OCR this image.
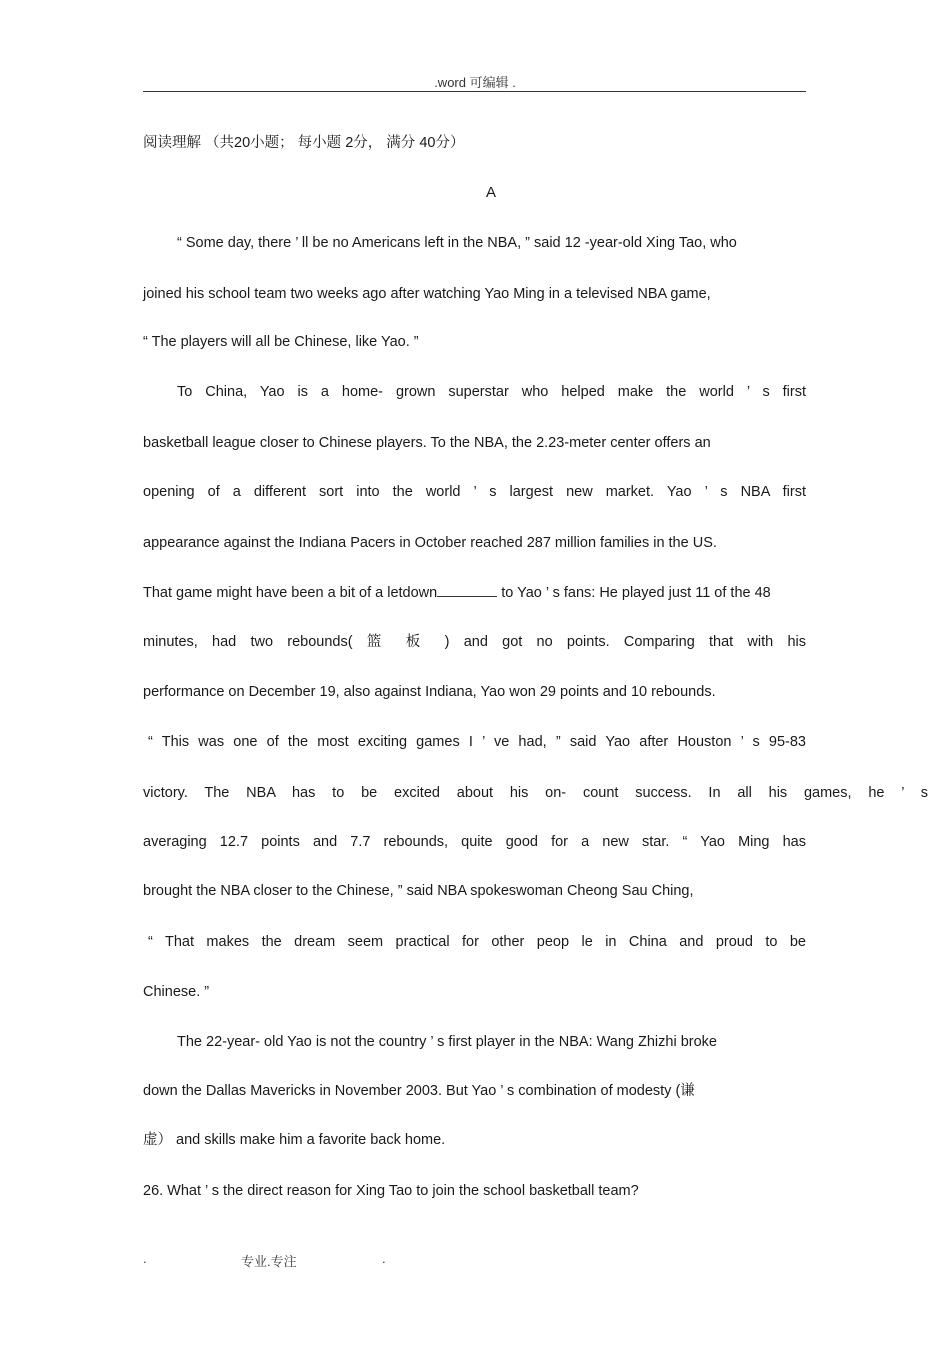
.word 可编辑 .
阅读理解 （共20小题； 每小题 2分， 满分 40分）
A
“ Some day, there ’ ll be no Americans left in the NBA, ” said 12 -year-old Xing Tao, who
joined his school team two weeks ago after watching Yao Ming in a televised NBA game,
“ The players will all be Chinese, like Yao. ”
To China, Yao is a home- grown superstar who helped make the world ’ s first
basketball league closer to Chinese players. To the NBA, the 2.23-meter center offers an
opening of a different sort into the world ’ s largest new market. Yao ’ s NBA first
appearance against the Indiana Pacers in October reached 287 million families in the US.
That game might have been a bit of a letdown	to Yao ’ s fans: He played just 11 of the 48
minutes, had two rebounds( 篮 板 ) and got no points. Comparing that with his
performance on December 19, also against Indiana, Yao won 29 points and 10 rebounds.
“ This was one of the most exciting games I ’ ve had, ” said Yao after Houston ’ s 95-83
victory. The NBA has to be excited about his on- count success. In all his games, he ’ s
averaging 12.7 points and 7.7 rebounds, quite good for a new star. “ Yao Ming has
brought the NBA closer to the Chinese, ” said NBA spokeswoman Cheong Sau Ching,
“ That makes the dream seem practical for other peop le in China and proud to be
Chinese. ”
The 22-year- old Yao is not the country ’ s first player in the NBA: Wang Zhizhi broke
down the Dallas Mavericks in November 2003. But Yao ’ s combination of modesty (谦
虚） and skills make him a favorite back home.
26. What ’ s the direct reason for Xing Tao to join the school basketball team?
.	专业.专注	.
